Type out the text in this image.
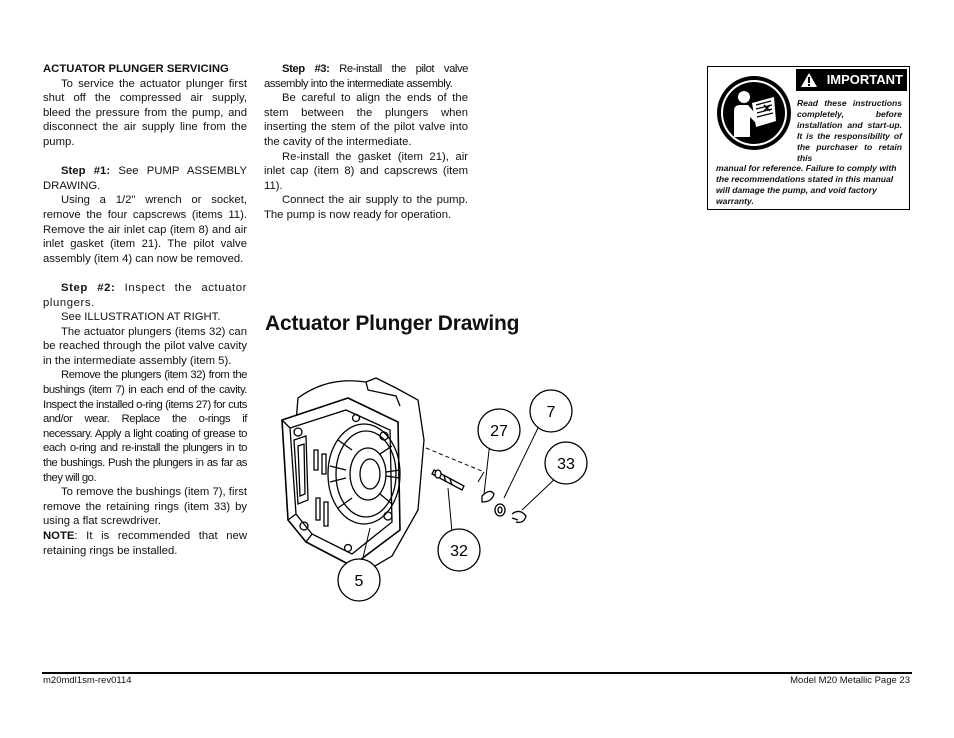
ACTUATOR PLUNGER SERVICING

To service the actuator plunger first shut off the compressed air supply, bleed the pressure from the pump, and disconnect the air supply line from the pump.

Step #1: See PUMP ASSEMBLY DRAWING.

Using a 1/2" wrench or socket, remove the four capscrews (items 11). Remove the air inlet cap (item 8) and air inlet gasket (item 21). The pilot valve assembly (item 4) can now be removed.

Step #2: Inspect the actuator plungers.

See ILLUSTRATION AT RIGHT.

The actuator plungers (items 32) can be reached through the pilot valve cavity in the intermediate assembly (item 5).

Remove the plungers (item 32) from the bushings (item 7) in each end of the cavity. Inspect the installed o-ring (items 27) for cuts and/or wear. Replace the o-rings if necessary. Apply a light coating of grease to each o-ring and re-install the plungers in to the bushings. Push the plungers in as far as they will go.

To remove the bushings (item 7), first remove the retaining rings (item 33) by using a flat screwdriver.

NOTE: It is recommended that new retaining rings be installed.

Step #3: Re-install the pilot valve assembly into the intermediate assembly.

Be careful to align the ends of the stem between the plungers when inserting the stem of the pilot valve into the cavity of the intermediate.

Re-install the gasket (item 21), air inlet cap (item 8) and capscrews (item 11).

Connect the air supply to the pump. The pump is now ready for operation.

IMPORTANT
Read these instructions completely, before installation and start-up. It is the responsibility of the purchaser to retain this
manual for reference. Failure to comply with the recommendations stated in this manual will damage the pump, and void factory warranty.
Actuator Plunger Drawing
27
7
33
32
5
m20mdl1sm-rev0114	Model M20 Metallic Page 23
